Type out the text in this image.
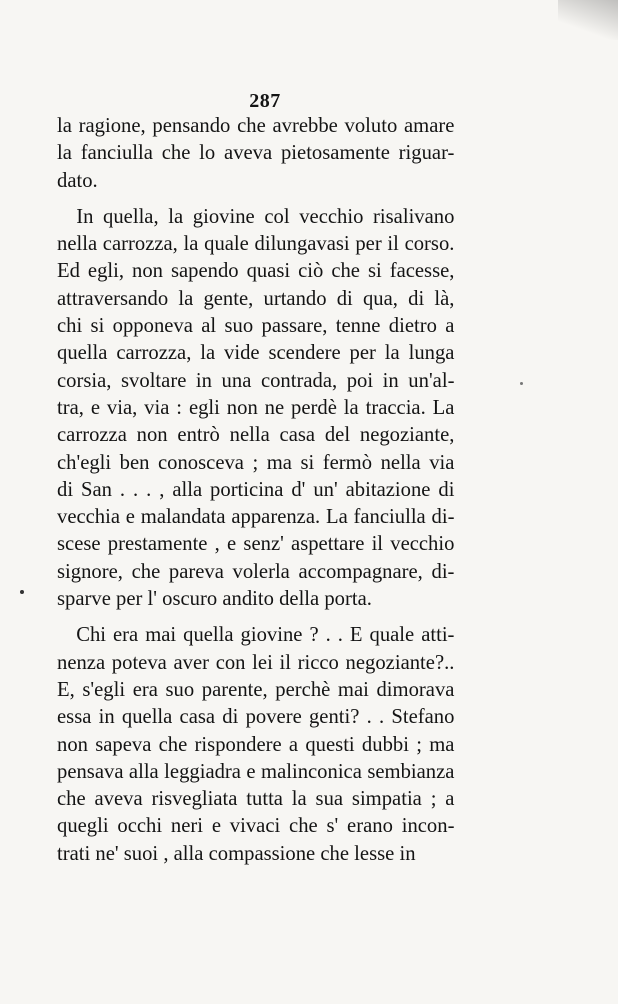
287
la ragione, pensando che avrebbe voluto amare
la fanciulla che lo aveva pietosamente riguar-
dato.
In quella, la giovine col vecchio risalivano
nella carrozza, la quale dilungavasi per il corso.
Ed egli, non sapendo quasi ciò che si facesse,
attraversando la gente, urtando di qua, di là,
chi si opponeva al suo passare, tenne dietro a
quella carrozza, la vide scendere per la lunga
corsia, svoltare in una contrada, poi in un'al-
tra, e via, via : egli non ne perdè la traccia. La
carrozza non entrò nella casa del negoziante,
ch'egli ben conosceva ; ma si fermò nella via
di San . . . , alla porticina d' un' abitazione di
vecchia e malandata apparenza. La fanciulla di-
scese prestamente , e senz' aspettare il vecchio
signore, che pareva volerla accompagnare, di-
sparve per l' oscuro andito della porta.
Chi era mai quella giovine ? . . E quale atti-
nenza poteva aver con lei il ricco negoziante?..
E, s'egli era suo parente, perchè mai dimorava
essa in quella casa di povere genti? . . Stefano
non sapeva che rispondere a questi dubbi ; ma
pensava alla leggiadra e malinconica sembianza
che aveva risvegliata tutta la sua simpatia ; a
quegli occhi neri e vivaci che s' erano incon-
trati ne' suoi , alla compassione che lesse in
